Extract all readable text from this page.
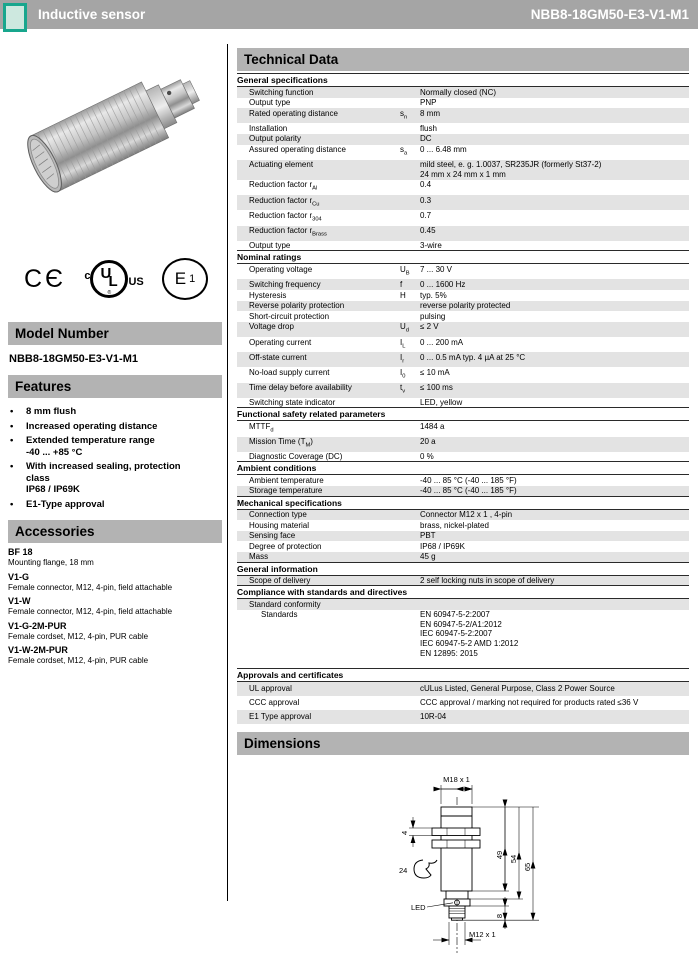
Inductive sensor	NBB8-18GM50-E3-V1-M1
CЄ c U
L
®
US E 1
Model Number
NBB8-18GM50-E3-V1-M1
Features
•	8 mm flush
•	Increased operating distance
•	Extended temperature range
-40 ... +85 °C
•	With increased sealing, protection
class
IP68 / IP69K
•	E1-Type approval
Accessories
BF 18
Mounting flange, 18 mm
V1-G
Female connector, M12, 4-pin, field attachable
V1-W
Female connector, M12, 4-pin, field attachable
V1-G-2M-PUR
Female cordset, M12, 4-pin, PUR cable
V1-W-2M-PUR
Female cordset, M12, 4-pin, PUR cable
Technical Data
General specifications
Switching function	Normally closed (NC)
Output type	PNP
Rated operating distance	$s_n$	8 mm
Installation	flush
Output polarity	DC
Assured operating distance	$s_a$	0 ... 6.48 mm
Actuating element	mild steel, e. g. 1.0037, SR235JR (formerly St37-2)
24 mm x 24 mm x 1 mm
Reduction factor $r_{Al}$	0.4
Reduction factor $r_{Cu}$	0.3
Reduction factor $r_{304}$	0.7
Reduction factor $r_{Brass}$	0.45
Output type	3-wire
Nominal ratings
Operating voltage	$U_B$	7 ... 30 V
Switching frequency	f	0 ... 1600 Hz
Hysteresis	H	typ. 5%
Reverse polarity protection	reverse polarity protected
Short-circuit protection	pulsing
Voltage drop	$U_d$	≤ 2 V
Operating current	$I_L$	0 ... 200 mA
Off-state current	$I_r$	0 ... 0.5 mA typ. 4 µA at 25 °C
No-load supply current	$I_0$	≤ 10 mA
Time delay before availability	$t_v$	≤ 100 ms
Switching state indicator	LED, yellow
Functional safety related parameters
$MTTF_d$	1484 a
Mission Time $(T_M)$	20 a
Diagnostic Coverage (DC)	0 %
Ambient conditions
Ambient temperature	-40 ... 85 °C (-40 ... 185 °F)
Storage temperature	-40 ... 85 °C (-40 ... 185 °F)
Mechanical specifications
Connection type	Connector M12 x 1 , 4-pin
Housing material	brass, nickel-plated
Sensing face	PBT
Degree of protection	IP68 / IP69K
Mass	45 g
General information
Scope of delivery	2 self locking nuts in scope of delivery
Compliance with standards and directives
Standard conformity
Standards	EN 60947-5-2:2007
EN 60947-5-2/A1:2012
IEC 60947-5-2:2007
IEC 60947-5-2 AMD 1:2012
EN 12895: 2015
Approvals and certificates
UL approval	cULus Listed, General Purpose, Class 2 Power Source
CCC approval	CCC approval / marking not required for products rated ≤36 V
E1 Type approval	10R-04
Dimensions
M18 x 1
4
24
LED
49 54
65
8
M12 x 1
